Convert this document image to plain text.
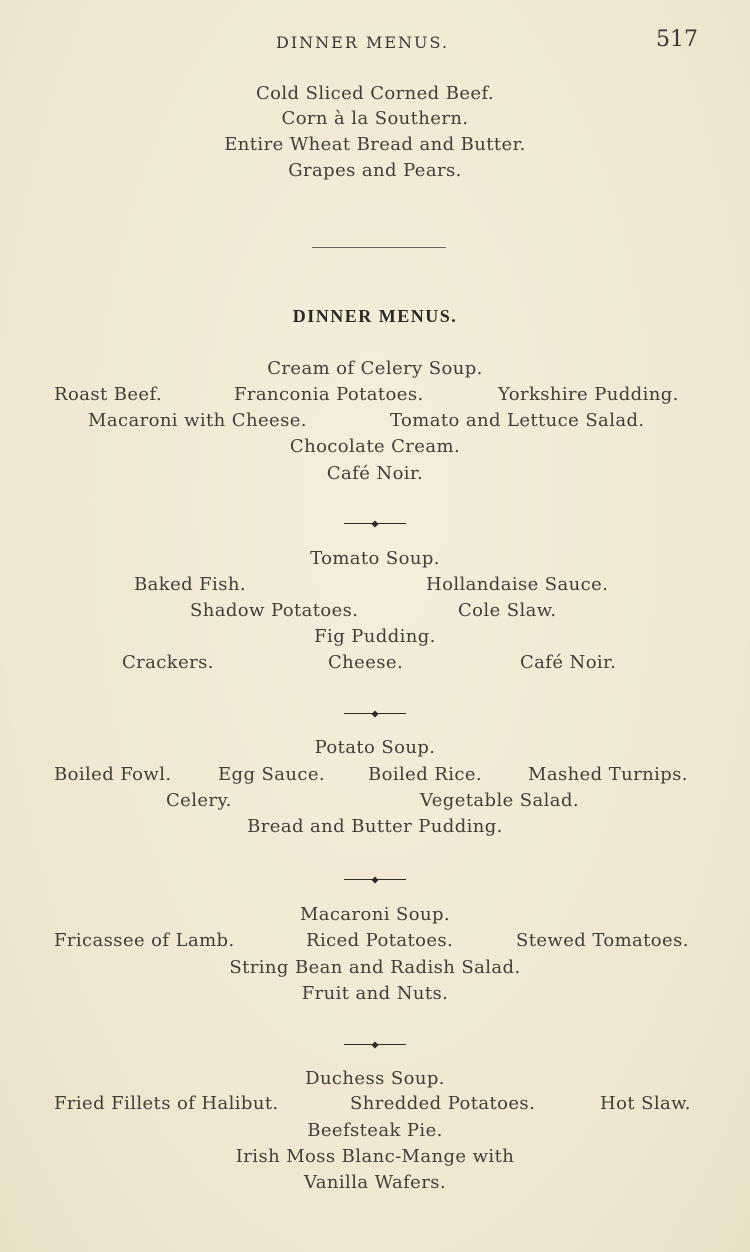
DINNER MENUS.	517
Cold Sliced Corned Beef.
Corn à la Southern.
Entire Wheat Bread and Butter.
Grapes and Pears.
DINNER MENUS.
Cream of Celery Soup.
Roast Beef.	Franconia Potatoes.	Yorkshire Pudding.
Macaroni with Cheese.	Tomato and Lettuce Salad.
Chocolate Cream.
Café Noir.
Tomato Soup.
Baked Fish.	Hollandaise Sauce.
Shadow Potatoes.	Cole Slaw.
Fig Pudding.
Crackers.	Cheese.	Café Noir.
Potato Soup.
Boiled Fowl.	Egg Sauce. Boiled Rice.	Mashed Turnips.
Celery.	Vegetable Salad.
Bread and Butter Pudding.
Macaroni Soup.
Fricassee of Lamb.	Riced Potatoes.	Stewed Tomatoes.
String Bean and Radish Salad.
Fruit and Nuts.
Duchess Soup.
Fried Fillets of Halibut.	Shredded Potatoes.	Hot Slaw.
Beefsteak Pie.
Irish Moss Blanc-Mange with
Vanilla Wafers.
